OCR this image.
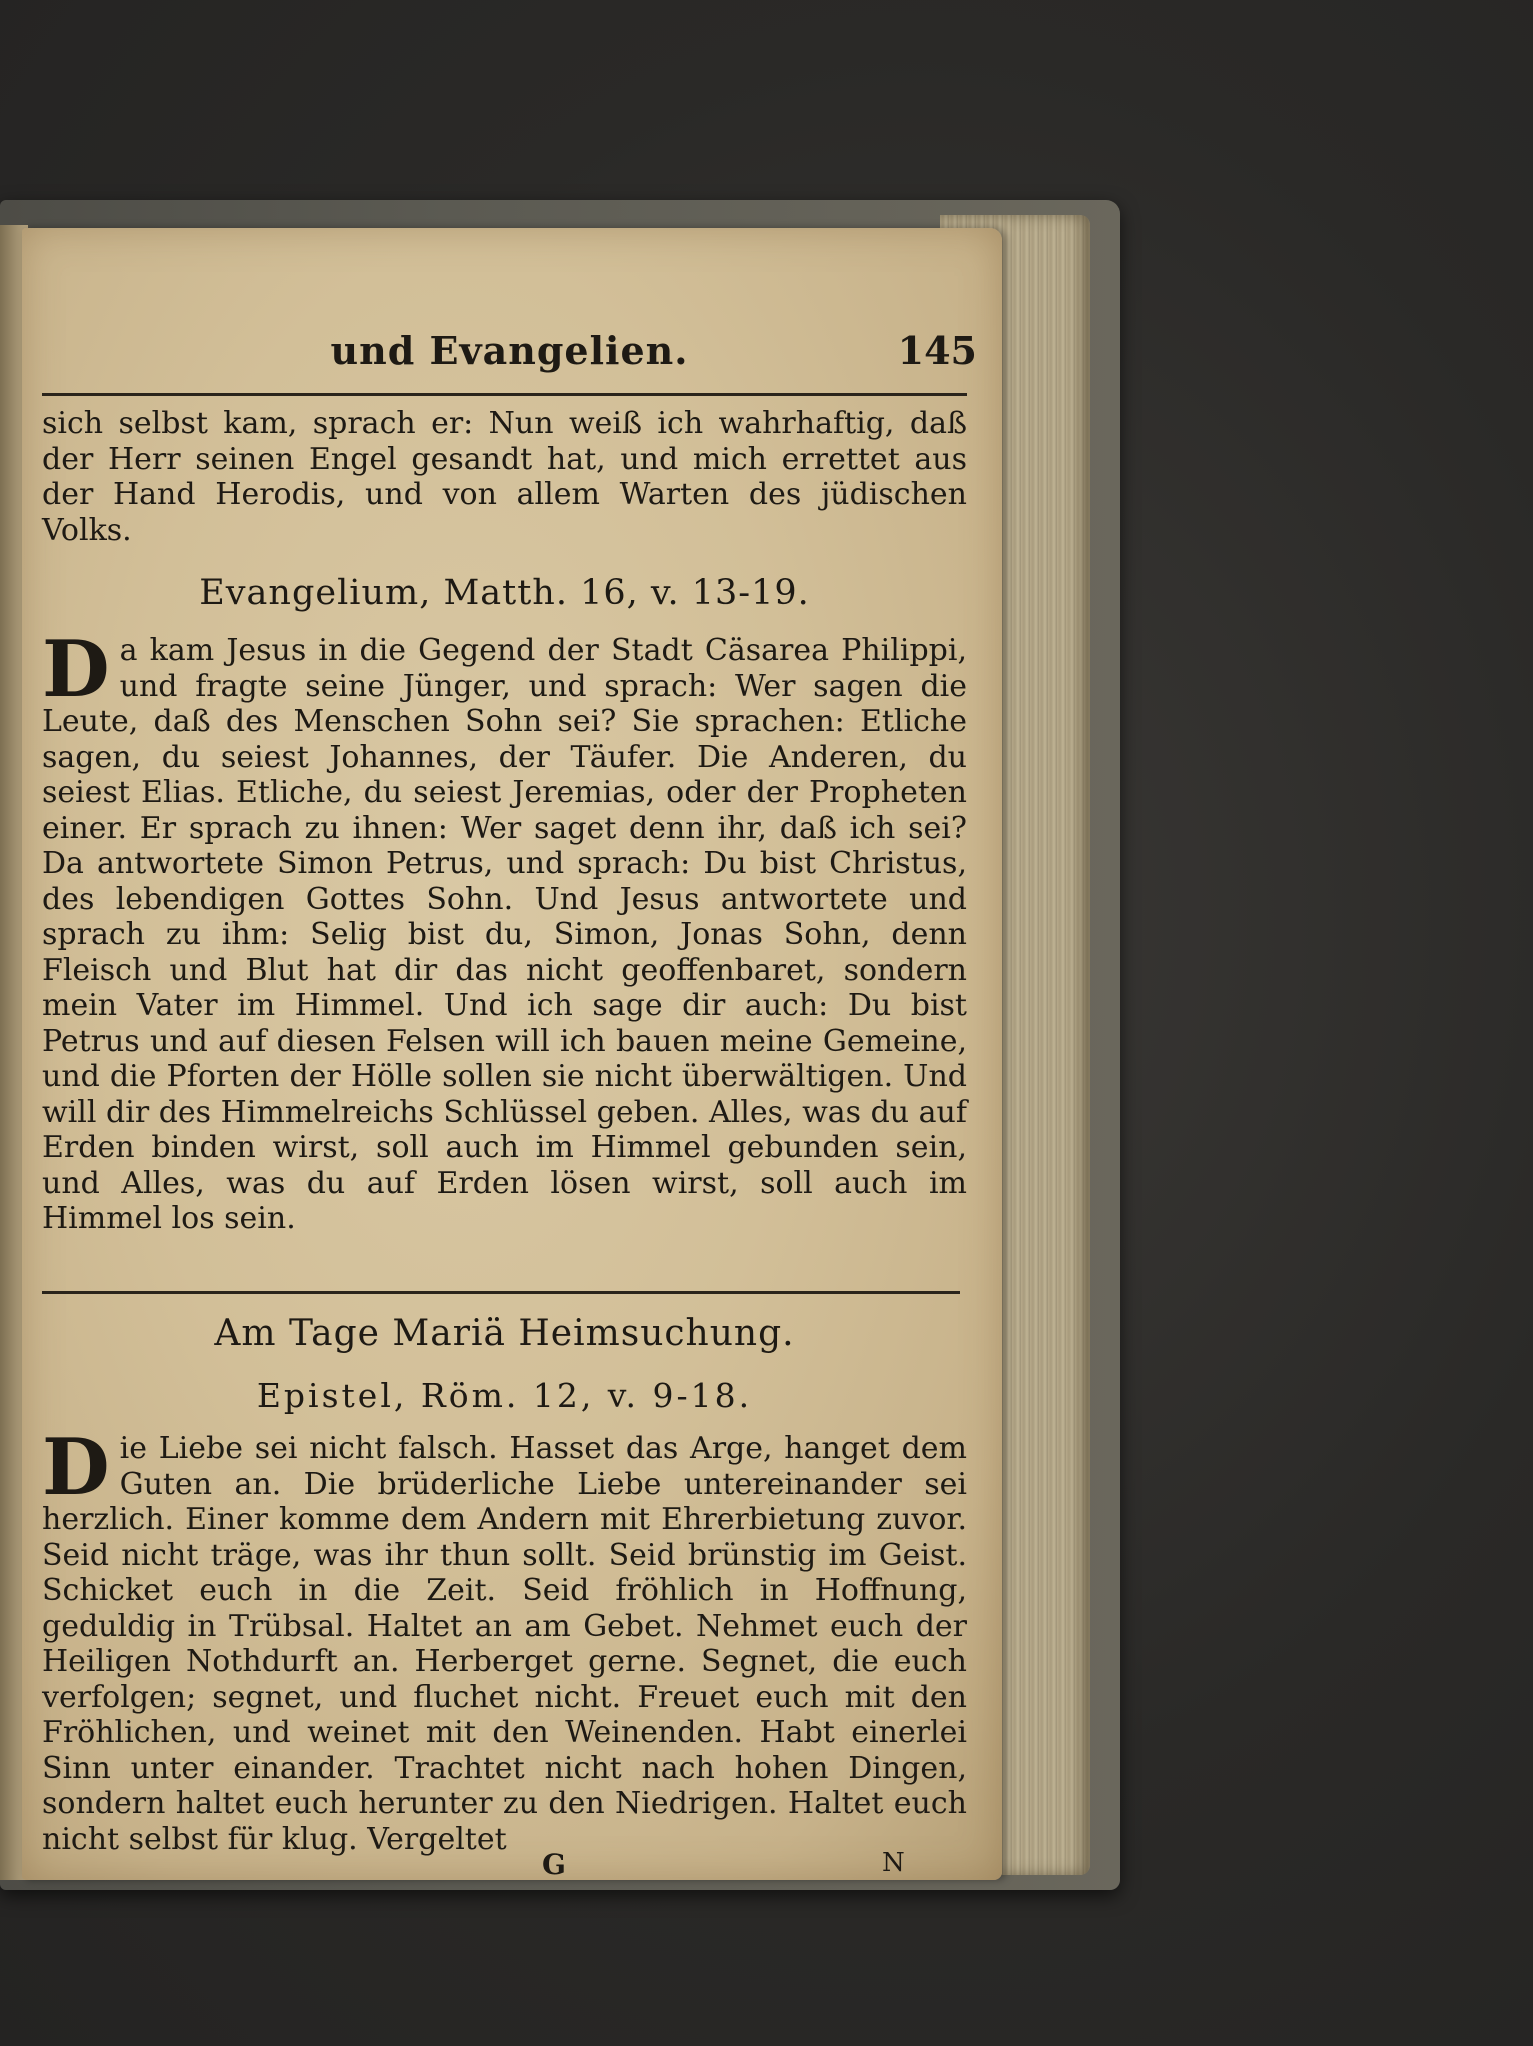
und Evangelien.	145
sich selbst kam, sprach er: Nun weiß ich wahrhaftig, daß der Herr seinen Engel gesandt hat, und mich errettet aus der Hand Herodis, und von allem Warten des jüdischen Volks.
Evangelium, Matth. 16, v. 13-19.
Da kam Jesus in die Gegend der Stadt Cäsarea Philippi, und fragte seine Jünger, und sprach: Wer sagen die Leute, daß des Menschen Sohn sei? Sie sprachen: Etliche sagen, du seiest Johannes, der Täufer. Die Anderen, du seiest Elias. Etliche, du seiest Jeremias, oder der Propheten einer. Er sprach zu ihnen: Wer saget denn ihr, daß ich sei? Da antwortete Simon Petrus, und sprach: Du bist Christus, des lebendigen Gottes Sohn. Und Jesus antwortete und sprach zu ihm: Selig bist du, Simon, Jonas Sohn, denn Fleisch und Blut hat dir das nicht geoffenbaret, sondern mein Vater im Himmel. Und ich sage dir auch: Du bist Petrus und auf diesen Felsen will ich bauen meine Gemeine, und die Pforten der Hölle sollen sie nicht überwältigen. Und will dir des Himmelreichs Schlüssel geben. Alles, was du auf Erden binden wirst, soll auch im Himmel gebunden sein, und Alles, was du auf Erden lösen wirst, soll auch im Himmel los sein.
Am Tage Mariä Heimsuchung.
Epistel, Röm. 12, v. 9-18.
Die Liebe sei nicht falsch. Hasset das Arge, hanget dem Guten an. Die brüderliche Liebe untereinander sei herzlich. Einer komme dem Andern mit Ehrerbietung zuvor. Seid nicht träge, was ihr thun sollt. Seid brünstig im Geist. Schicket euch in die Zeit. Seid fröhlich in Hoffnung, geduldig in Trübsal. Haltet an am Gebet. Nehmet euch der Heiligen Nothdurft an. Herberget gerne. Segnet, die euch verfolgen; segnet, und fluchet nicht. Freuet euch mit den Fröhlichen, und weinet mit den Weinenden. Habt einerlei Sinn unter einander. Trachtet nicht nach hohen Dingen, sondern haltet euch herunter zu den Niedrigen. Haltet euch nicht selbst für klug. Vergeltet
G	N
